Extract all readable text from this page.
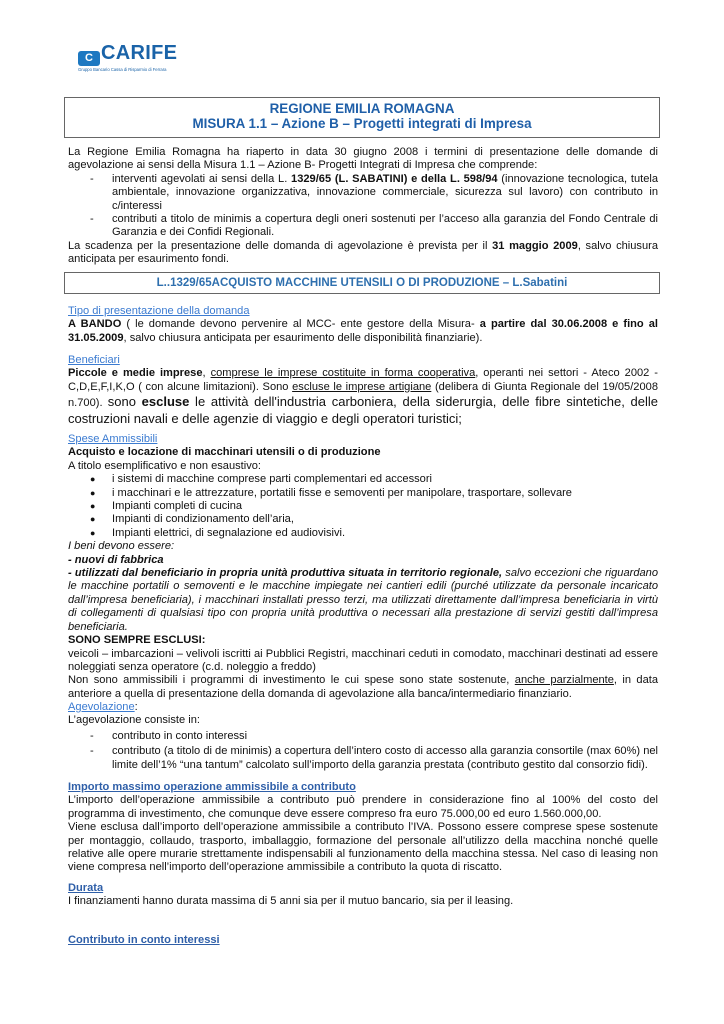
C CARIFE
Gruppo Bancario Cassa di Risparmio di Ferrara
REGIONE EMILIA ROMAGNA
MISURA 1.1 – Azione B – Progetti integrati di Impresa
La Regione Emilia Romagna ha riaperto in data 30 giugno 2008 i termini di presentazione delle domande di agevolazione ai sensi della Misura 1.1 – Azione B- Progetti Integrati di Impresa che comprende:
- interventi agevolati ai sensi della L. 1329/65 (L. SABATINI) e della L. 598/94 (innovazione tecnologica, tutela ambientale, innovazione organizzativa, innovazione commerciale, sicurezza sul lavoro) con contributo in c/interessi
- contributi a titolo de minimis a copertura degli oneri sostenuti per l’acceso alla garanzia del Fondo Centrale di Garanzia e dei Confidi Regionali.
La scadenza per la presentazione delle domanda di agevolazione è prevista per il 31 maggio 2009, salvo chiusura anticipata per esaurimento fondi.
L..1329/65ACQUISTO MACCHINE UTENSILI O DI PRODUZIONE – L.Sabatini
Tipo di presentazione della domanda
A BANDO ( le domande devono pervenire al MCC- ente gestore della Misura- a partire dal 30.06.2008 e fino al 31.05.2009, salvo chiusura anticipata per esaurimento delle disponibilità finanziarie).
Beneficiari
Piccole e medie imprese, comprese le imprese costituite in forma cooperativa, operanti nei settori - Ateco 2002 - C,D,E,F,I,K,O ( con alcune limitazioni). Sono escluse le imprese artigiane (delibera di Giunta Regionale del 19/05/2008 n.700). sono escluse le attività dell'industria carboniera, della siderurgia, delle fibre sintetiche, delle costruzioni navali e delle agenzie di viaggio e degli operatori turistici;
Spese Ammissibili
Acquisto e locazione di macchinari utensili o di produzione
A titolo esemplificativo e non esaustivo:
● i sistemi di macchine comprese parti complementari ed accessori
● i macchinari e le attrezzature, portatili fisse e semoventi per manipolare, trasportare, sollevare
● Impianti completi di cucina
● Impianti di condizionamento dell’aria,
● Impianti elettrici, di segnalazione ed audiovisivi.
I beni devono essere:
- nuovi di fabbrica
- utilizzati dal beneficiario in propria unità produttiva situata in territorio regionale, salvo eccezioni che riguardano le macchine portatili o semoventi e le macchine impiegate nei cantieri edili (purché utilizzate da personale incaricato dall’impresa beneficiaria), i macchinari installati presso terzi, ma utilizzati direttamente dall’impresa beneficiaria in virtù di collegamenti di qualsiasi tipo con propria unità produttiva o necessari alla prestazione di servizi gestiti dall’impresa beneficiaria.
SONO SEMPRE ESCLUSI:
veicoli – imbarcazioni – velivoli iscritti ai Pubblici Registri, macchinari ceduti in comodato, macchinari destinati ad essere noleggiati senza operatore (c.d. noleggio a freddo)
Non sono ammissibili i programmi di investimento le cui spese sono state sostenute, anche parzialmente, in data anteriore a quella di presentazione della domanda di agevolazione alla banca/intermediario finanziario.
Agevolazione:
L’agevolazione consiste in:
- contributo in conto interessi
- contributo (a titolo di de minimis) a copertura dell’intero costo di accesso alla garanzia consortile (max 60%) nel limite dell’1% “una tantum” calcolato sull’importo della garanzia prestata (contributo gestito dal consorzio fidi).
Importo massimo operazione ammissibile a contributo
L’importo dell’operazione ammissibile a contributo può prendere in considerazione fino al 100% del costo del programma di investimento, che comunque deve essere compreso fra euro 75.000,00 ed euro 1.560.000,00.
Viene esclusa dall’importo dell’operazione ammissibile a contributo l’IVA. Possono essere comprese spese sostenute per montaggio, collaudo, trasporto, imballaggio, formazione del personale all’utilizzo della macchina nonché quelle relative alle opere murarie strettamente indispensabili al funzionamento della macchina stessa. Nel caso di leasing non viene compresa nell’importo dell’operazione ammissibile a contributo la quota di riscatto.
Durata
I finanziamenti hanno durata massima di 5 anni sia per il mutuo bancario, sia per il leasing.
Contributo in conto interessi
